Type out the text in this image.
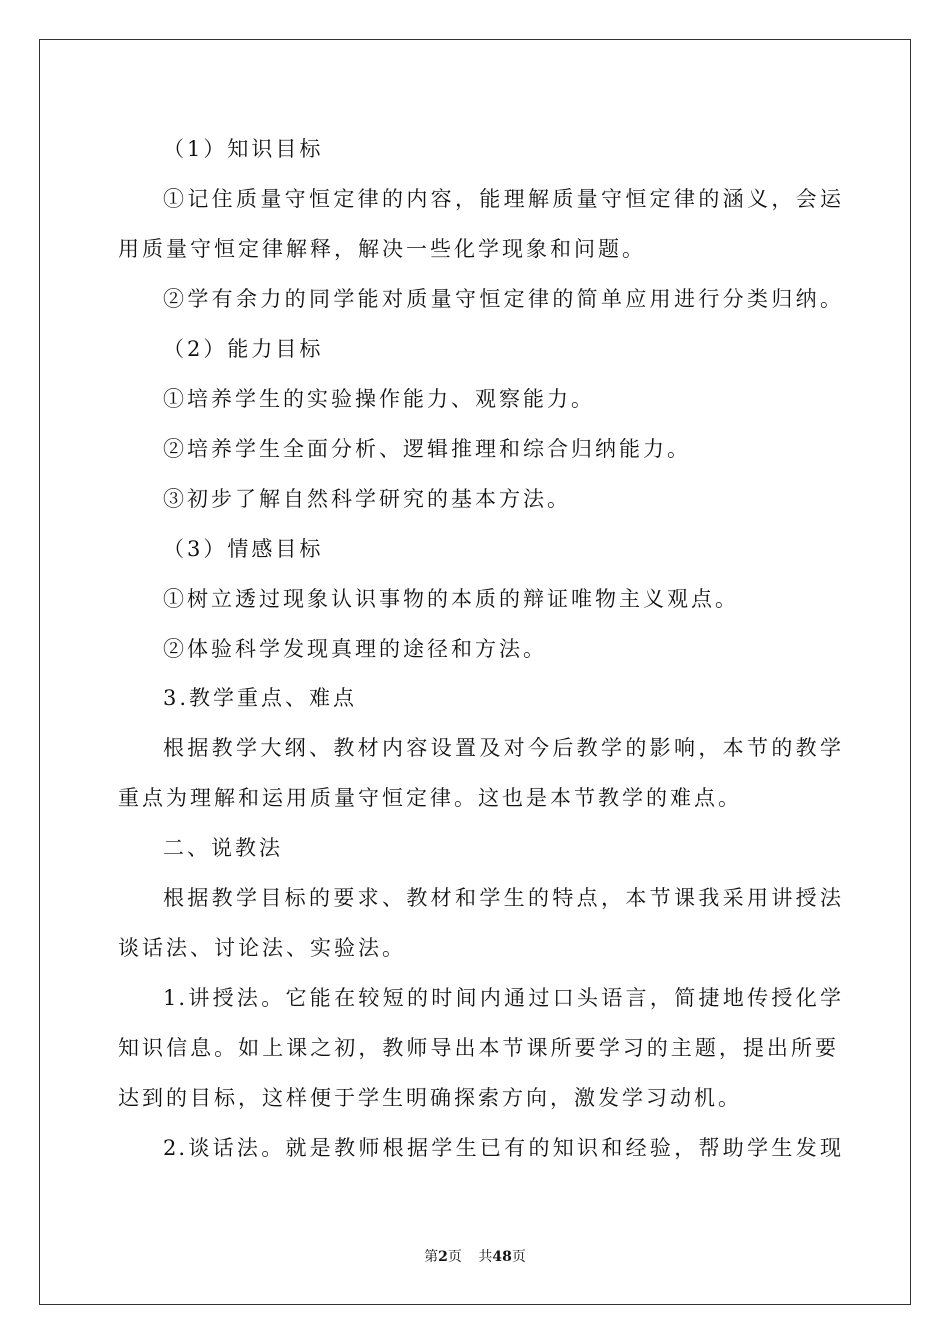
（1）知识目标
①记住质量守恒定律的内容，能理解质量守恒定律的涵义，会运
用质量守恒定律解释，解决一些化学现象和问题。
②学有余力的同学能对质量守恒定律的简单应用进行分类归纳。
（2）能力目标
①培养学生的实验操作能力、观察能力。
②培养学生全面分析、逻辑推理和综合归纳能力。
③初步了解自然科学研究的基本方法。
（3）情感目标
①树立透过现象认识事物的本质的辩证唯物主义观点。
②体验科学发现真理的途径和方法。
3.教学重点、难点
根据教学大纲、教材内容设置及对今后教学的影响，本节的教学
重点为理解和运用质量守恒定律。这也是本节教学的难点。
二、说教法
根据教学目标的要求、教材和学生的特点，本节课我采用讲授法
谈话法、讨论法、实验法。
1.讲授法。它能在较短的时间内通过口头语言，简捷地传授化学
知识信息。如上课之初，教师导出本节课所要学习的主题，提出所要
达到的目标，这样便于学生明确探索方向，激发学习动机。
2.谈话法。就是教师根据学生已有的知识和经验，帮助学生发现
第2页 共48页
